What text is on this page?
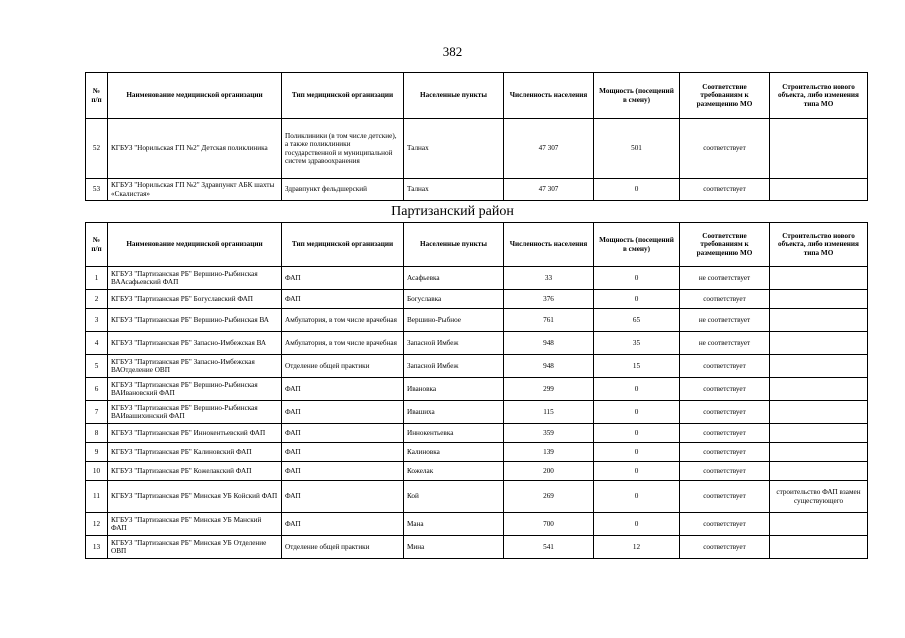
382
№ п/п	Наименование медицинской организации	Тип медицинской организации	Населенные пункты	Численность населения	Мощность (посещений в смену)	Соответствие требованиям к размещению МО	Строительство нового объекта, либо изменения типа МО
52	КГБУЗ "Норильская ГП №2" Детская поликлиника	Поликлиники (в том числе детские), а также поликлиники государственной и муниципальной систем здравоохранения	Талнах	47 307	501	соответствует	
53	КГБУЗ "Норильская ГП №2" Здравпункт АБК шахты «Скалистая»	Здравпункт фельдшерский	Талнах	47 307	0	соответствует	
Партизанский район
№ п/п	Наименование медицинской организации	Тип медицинской организации	Населенные пункты	Численность населения	Мощность (посещений в смену)	Соответствие требованиям к размещению МО	Строительство нового объекта, либо изменения типа МО
1	КГБУЗ "Партизанская РБ" Вершино-Рыбинская ВААсафьевский ФАП	ФАП	Асафьевка	33	0	не соответствует	
2	КГБУЗ "Партизанская РБ" Богуславский ФАП	ФАП	Богуславка	376	0	соответствует	
3	КГБУЗ "Партизанская РБ" Вершино-Рыбинская ВА	Амбулатория, в том числе врачебная	Вершино-Рыбное	761	65	не соответствует	
4	КГБУЗ "Партизанская РБ" Запасно-Имбежская ВА	Амбулатория, в том числе врачебная	Запасной Имбеж	948	35	не соответствует	
5	КГБУЗ "Партизанская РБ" Запасно-Имбежская ВАОтделение ОВП	Отделение общей практики	Запасной Имбеж	948	15	соответствует	
6	КГБУЗ "Партизанская РБ" Вершино-Рыбинская ВАИвановский ФАП	ФАП	Ивановка	299	0	соответствует	
7	КГБУЗ "Партизанская РБ" Вершино-Рыбинская ВАИвашихинский ФАП	ФАП	Ивашиха	115	0	соответствует	
8	КГБУЗ "Партизанская РБ" Иннокентьевский ФАП	ФАП	Иннокентьевка	359	0	соответствует	
9	КГБУЗ "Партизанская РБ" Калиновский ФАП	ФАП	Калиновка	139	0	соответствует	
10	КГБУЗ "Партизанская РБ" Кожелакский ФАП	ФАП	Кожелак	200	0	соответствует	
11	КГБУЗ "Партизанская РБ" Минская УБ Койский ФАП	ФАП	Кой	269	0	соответствует	строительство ФАП взамен существующего
12	КГБУЗ "Партизанская РБ" Минская УБ Манский ФАП	ФАП	Мана	700	0	соответствует	
13	КГБУЗ "Партизанская РБ" Минская УБ Отделение ОВП	Отделение общей практики	Мина	541	12	соответствует	
